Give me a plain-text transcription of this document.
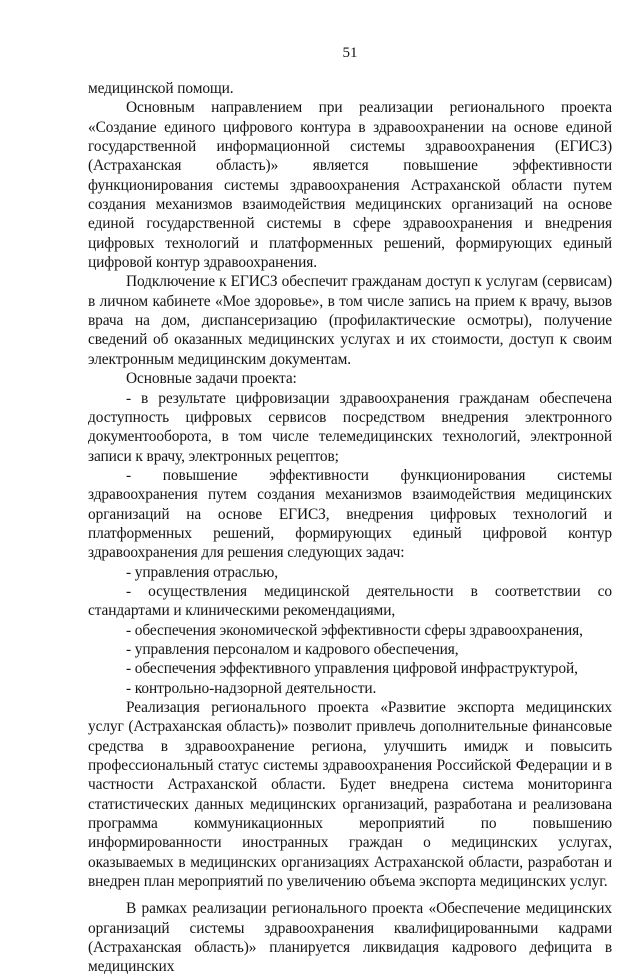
51

медицинской помощи.

Основным направлением при реализации регионального проекта «Создание единого цифрового контура в здравоохранении на основе единой государственной информационной системы здравоохранения (ЕГИСЗ) (Астраханская область)» является повышение эффективности функционирования системы здравоохранения Астраханской области путем создания механизмов взаимодействия медицинских организаций на основе единой государственной системы в сфере здравоохранения и внедрения цифровых технологий и платформенных решений, формирующих единый цифровой контур здравоохранения.

Подключение к ЕГИСЗ обеспечит гражданам доступ к услугам (сервисам) в личном кабинете «Мое здоровье», в том числе запись на прием к врачу, вызов врача на дом, диспансеризацию (профилактические осмотры), получение сведений об оказанных медицинских услугах и их стоимости, доступ к своим электронным медицинским документам.

Основные задачи проекта:

- в результате цифровизации здравоохранения гражданам обеспечена доступность цифровых сервисов посредством внедрения электронного документооборота, в том числе телемедицинских технологий, электронной записи к врачу, электронных рецептов;

- повышение эффективности функционирования системы здравоохранения путем создания механизмов взаимодействия медицинских организаций на основе ЕГИСЗ, внедрения цифровых технологий и платформенных решений, формирующих единый цифровой контур здравоохранения для решения следующих задач:

- управления отраслью,

- осуществления медицинской деятельности в соответствии со стандартами и клиническими рекомендациями,

- обеспечения экономической эффективности сферы здравоохранения,

- управления персоналом и кадрового обеспечения,

- обеспечения эффективного управления цифровой инфраструктурой,

- контрольно-надзорной деятельности.

Реализация регионального проекта «Развитие экспорта медицинских услуг (Астраханская область)» позволит привлечь дополнительные финансовые средства в здравоохранение региона, улучшить имидж и повысить профессиональный статус системы здравоохранения Российской Федерации и в частности Астраханской области. Будет внедрена система мониторинга статистических данных медицинских организаций, разработана и реализована программа коммуникационных мероприятий по повышению информированности иностранных граждан о медицинских услугах, оказываемых в медицинских организациях Астраханской области, разработан и внедрен план мероприятий по увеличению объема экспорта медицинских услуг.

В рамках реализации регионального проекта «Обеспечение медицинских организаций системы здравоохранения квалифицированными кадрами (Астраханская область)» планируется ликвидация кадрового дефицита в медицинских
